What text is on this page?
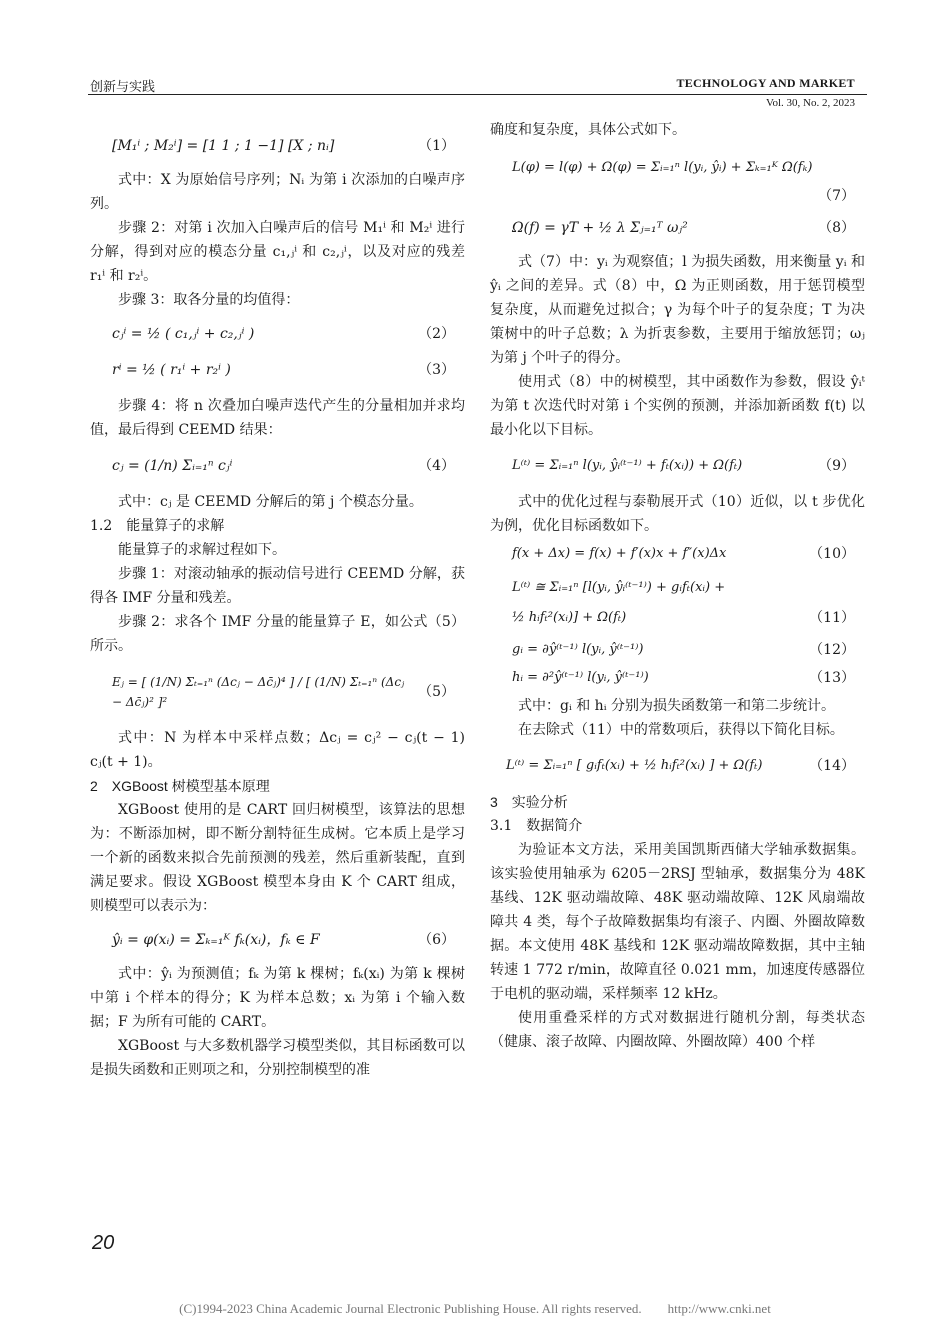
创新与实践	TECHNOLOGY AND MARKET
Vol. 30, No. 2, 2023
[M₁ⁱ ; M₂ⁱ] = [1 1 ; 1 −1] [X ; nᵢ]	（1）

式中：X 为原始信号序列；Nᵢ 为第 i 次添加的白噪声序列。

步骤 2：对第 i 次加入白噪声后的信号 M₁ⁱ 和 M₂ⁱ 进行分解，得到对应的模态分量 c₁,ⱼⁱ 和 c₂,ⱼⁱ，以及对应的残差 r₁ⁱ 和 r₂ⁱ。

步骤 3：取各分量的均值得：

cⱼⁱ = ½ ( c₁,ⱼⁱ + c₂,ⱼⁱ )	（2）
rⁱ = ½ ( r₁ⁱ + r₂ⁱ )	（3）

步骤 4：将 n 次叠加白噪声迭代产生的分量相加并求均值，最后得到 CEEMD 结果：

cⱼ = (1/n) Σᵢ₌₁ⁿ cⱼⁱ	（4）

式中：cⱼ 是 CEEMD 分解后的第 j 个模态分量。

1.2　能量算子的求解

能量算子的求解过程如下。

步骤 1：对滚动轴承的振动信号进行 CEEMD 分解，获得各 IMF 分量和残差。

步骤 2：求各个 IMF 分量的能量算子 E，如公式（5）所示。

Eⱼ = [ (1/N) Σₜ₌₁ⁿ (Δcⱼ − Δc̄ⱼ)⁴ ] / [ (1/N) Σₜ₌₁ⁿ (Δcⱼ − Δc̄ⱼ)² ]²
（5）

式中：N 为样本中采样点数；Δcⱼ = cⱼ² − cⱼ(t − 1) cⱼ(t + 1)。

2　XGBoost 树模型基本原理

XGBoost 使用的是 CART 回归树模型，该算法的思想为：不断添加树，即不断分割特征生成树。它本质上是学习一个新的函数来拟合先前预测的残差，然后重新装配，直到满足要求。假设 XGBoost 模型本身由 K 个 CART 组成，则模型可以表示为：

ŷᵢ = φ(xᵢ) = Σₖ₌₁ᴷ fₖ(xᵢ)，fₖ ∈ F	（6）

式中：ŷᵢ 为预测值；fₖ 为第 k 棵树；fₖ(xᵢ) 为第 k 棵树中第 i 个样本的得分；K 为样本总数；xᵢ 为第 i 个输入数据；F 为所有可能的 CART。

XGBoost 与大多数机器学习模型类似，其目标函数可以是损失函数和正则项之和，分别控制模型的准

确度和复杂度，具体公式如下。

L(φ) = l(φ) + Ω(φ) = Σᵢ₌₁ⁿ l(yᵢ, ŷᵢ) + Σₖ₌₁ᴷ Ω(fₖ)
（7）
Ω(f) = γT + ½ λ Σⱼ₌₁ᵀ ωⱼ²	（8）

式（7）中：yᵢ 为观察值；l 为损失函数，用来衡量 yᵢ 和 ŷᵢ 之间的差异。式（8）中，Ω 为正则函数，用于惩罚模型复杂度，从而避免过拟合；γ 为每个叶子的复杂度；T 为决策树中的叶子总数；λ 为折衷参数，主要用于缩放惩罚；ωⱼ 为第 j 个叶子的得分。

使用式（8）中的树模型，其中函数作为参数，假设 ŷᵢᵗ 为第 t 次迭代时对第 i 个实例的预测，并添加新函数 f(t) 以最小化以下目标。

L⁽ᵗ⁾ = Σᵢ₌₁ⁿ l(yᵢ, ŷᵢ⁽ᵗ⁻¹⁾ + fₜ(xᵢ)) + Ω(fₜ)	（9）

式中的优化过程与泰勒展开式（10）近似，以 t 步优化为例，优化目标函数如下。

f(x + Δx) = f(x) + f′(x)x + f″(x)Δx	（10）
L⁽ᵗ⁾ ≅ Σᵢ₌₁ⁿ [l(yᵢ, ŷᵢ⁽ᵗ⁻¹⁾) + gᵢfₜ(xᵢ) +
½ hᵢfₜ²(xᵢ)] + Ω(fₜ)	（11）
gᵢ = ∂ŷ⁽ᵗ⁻¹⁾ l(yᵢ, ŷ⁽ᵗ⁻¹⁾)	（12）
hᵢ = ∂²ŷ⁽ᵗ⁻¹⁾ l(yᵢ, ŷ⁽ᵗ⁻¹⁾)	（13）

式中：gᵢ 和 hᵢ 分别为损失函数第一和第二步统计。

在去除式（11）中的常数项后，获得以下简化目标。

L⁽ᵗ⁾ = Σᵢ₌₁ⁿ [ gᵢfₜ(xᵢ) + ½ hᵢfₜ²(xᵢ) ] + Ω(fₜ)	（14）

3　实验分析

3.1　数据简介

为验证本文方法，采用美国凯斯西储大学轴承数据集。该实验使用轴承为 6205－2RSJ 型轴承，数据集分为 48K 基线、12K 驱动端故障、48K 驱动端故障、12K 风扇端故障共 4 类，每个子故障数据集均有滚子、内圈、外圈故障数据。本文使用 48K 基线和 12K 驱动端故障数据，其中主轴转速 1 772 r/min，故障直径 0.021 mm，加速度传感器位于电机的驱动端，采样频率 12 kHz。

使用重叠采样的方式对数据进行随机分割，每类状态（健康、滚子故障、内圈故障、外圈故障）400 个样

20
(C)1994-2023 China Academic Journal Electronic Publishing House. All rights reserved.　　http://www.cnki.net
